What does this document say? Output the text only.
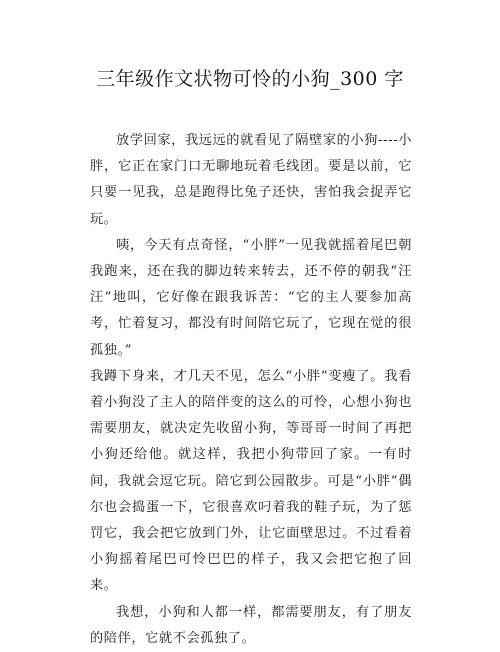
三年级作文状物可怜的小狗_300 字

放学回家，我远远的就看见了隔壁家的小狗----小胖，它正在家门口无聊地玩着毛线团。要是以前，它只要一见我，总是跑得比兔子还快，害怕我会捉弄它玩。

咦，今天有点奇怪，“小胖”一见我就摇着尾巴朝我跑来，还在我的脚边转来转去，还不停的朝我“汪汪”地叫，它好像在跟我诉苦：“它的主人要参加高考，忙着复习，都没有时间陪它玩了，它现在觉的很孤独。”

我蹲下身来，才几天不见，怎么“小胖”变瘦了。我看着小狗没了主人的陪伴变的这么的可怜，心想小狗也需要朋友，就决定先收留小狗，等哥哥一时间了再把小狗还给他。就这样，我把小狗带回了家。一有时间，我就会逗它玩。陪它到公园散步。可是“小胖”偶尔也会捣蛋一下，它很喜欢叼着我的鞋子玩，为了惩罚它，我会把它放到门外，让它面壁思过。不过看着小狗摇着尾巴可怜巴巴的样子，我又会把它抱了回来。

我想，小狗和人都一样，都需要朋友，有了朋友的陪伴，它就不会孤独了。
